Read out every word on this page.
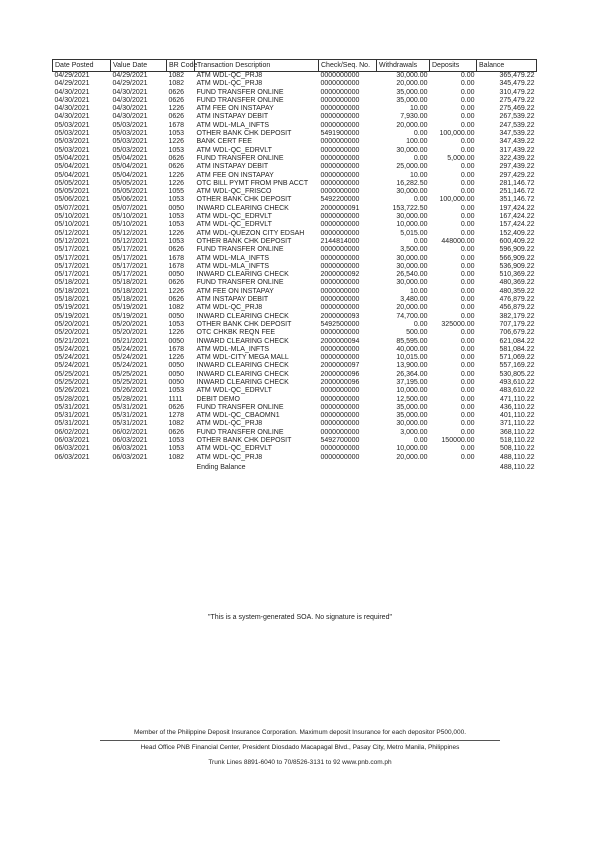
Date Posted	Value Date	BR Code	Transaction Description	Check/Seq. No.	Withdrawals	Deposits	Balance
04/29/2021	04/29/2021	1082	ATM WDL-QC_PRJ8	0000000000	30,000.00	0.00	365,479.22
04/29/2021	04/29/2021	1082	ATM WDL-QC_PRJ8	0000000000	20,000.00	0.00	345,479.22
04/30/2021	04/30/2021	0626	FUND TRANSFER ONLINE	0000000000	35,000.00	0.00	310,479.22
04/30/2021	04/30/2021	0626	FUND TRANSFER ONLINE	0000000000	35,000.00	0.00	275,479.22
04/30/2021	04/30/2021	1226	ATM FEE ON INSTAPAY	0000000000	10.00	0.00	275,469.22
04/30/2021	04/30/2021	0626	ATM INSTAPAY DEBIT	0000000000	7,930.00	0.00	267,539.22
05/03/2021	05/03/2021	1678	ATM WDL-MLA_INFTS	0000000000	20,000.00	0.00	247,539.22
05/03/2021	05/03/2021	1053	OTHER BANK CHK DEPOSIT	5491900000	0.00	100,000.00	347,539.22
05/03/2021	05/03/2021	1226	BANK CERT FEE	0000000000	100.00	0.00	347,439.22
05/03/2021	05/03/2021	1053	ATM WDL-QC_EDRVLT	0000000000	30,000.00	0.00	317,439.22
05/04/2021	05/04/2021	0626	FUND TRANSFER ONLINE	0000000000	0.00	5,000.00	322,439.22
05/04/2021	05/04/2021	0626	ATM INSTAPAY DEBIT	0000000000	25,000.00	0.00	297,439.22
05/04/2021	05/04/2021	1226	ATM FEE ON INSTAPAY	0000000000	10.00	0.00	297,429.22
05/05/2021	05/05/2021	1226	OTC BILL PYMT FROM PNB ACCT	0000000000	16,282.50	0.00	281,146.72
05/05/2021	05/05/2021	1055	ATM WDL-QC_FRISCO	0000000000	30,000.00	0.00	251,146.72
05/06/2021	05/06/2021	1053	OTHER BANK CHK DEPOSIT	5492200000	0.00	100,000.00	351,146.72
05/07/2021	05/07/2021	0050	INWARD CLEARING CHECK	2000000091	153,722.50	0.00	197,424.22
05/10/2021	05/10/2021	1053	ATM WDL-QC_EDRVLT	0000000000	30,000.00	0.00	167,424.22
05/10/2021	05/10/2021	1053	ATM WDL-QC_EDRVLT	0000000000	10,000.00	0.00	157,424.22
05/12/2021	05/12/2021	1226	ATM WDL-QUEZON CITY EDSAH	0000000000	5,015.00	0.00	152,409.22
05/12/2021	05/12/2021	1053	OTHER BANK CHK DEPOSIT	2144814000	0.00	448000.00	600,409.22
05/17/2021	05/17/2021	0626	FUND TRANSFER ONLINE	0000000000	3,500.00	0.00	596,909.22
05/17/2021	05/17/2021	1678	ATM WDL-MLA_INFTS	0000000000	30,000.00	0.00	566,909.22
05/17/2021	05/17/2021	1678	ATM WDL-MLA_INFTS	0000000000	30,000.00	0.00	536,909.22
05/17/2021	05/17/2021	0050	INWARD CLEARING CHECK	2000000092	26,540.00	0.00	510,369.22
05/18/2021	05/18/2021	0626	FUND TRANSFER ONLINE	0000000000	30,000.00	0.00	480,369.22
05/18/2021	05/18/2021	1226	ATM FEE ON INSTAPAY	0000000000	10.00	0.00	480,359.22
05/18/2021	05/18/2021	0626	ATM INSTAPAY DEBIT	0000000000	3,480.00	0.00	476,879.22
05/19/2021	05/19/2021	1082	ATM WDL-QC_PRJ8	0000000000	20,000.00	0.00	456,879.22
05/19/2021	05/19/2021	0050	INWARD CLEARING CHECK	2000000093	74,700.00	0.00	382,179.22
05/20/2021	05/20/2021	1053	OTHER BANK CHK DEPOSIT	5492500000	0.00	325000.00	707,179.22
05/20/2021	05/20/2021	1226	OTC CHKBK REQN FEE	0000000000	500.00	0.00	706,679.22
05/21/2021	05/21/2021	0050	INWARD CLEARING CHECK	2000000094	85,595.00	0.00	621,084.22
05/24/2021	05/24/2021	1678	ATM WDL-MLA_INFTS	0000000000	40,000.00	0.00	581,084.22
05/24/2021	05/24/2021	1226	ATM WDL-CITY MEGA MALL	0000000000	10,015.00	0.00	571,069.22
05/24/2021	05/24/2021	0050	INWARD CLEARING CHECK	2000000097	13,900.00	0.00	557,169.22
05/25/2021	05/25/2021	0050	INWARD CLEARING CHECK	2000000096	26,364.00	0.00	530,805.22
05/25/2021	05/25/2021	0050	INWARD CLEARING CHECK	2000000096	37,195.00	0.00	493,610.22
05/26/2021	05/26/2021	1053	ATM WDL-QC_EDRVLT	0000000000	10,000.00	0.00	483,610.22
05/28/2021	05/28/2021	1111	DEBIT DEMO	0000000000	12,500.00	0.00	471,110.22
05/31/2021	05/31/2021	0626	FUND TRANSFER ONLINE	0000000000	35,000.00	0.00	436,110.22
05/31/2021	05/31/2021	1278	ATM WDL-QC_CBAOMN1	0000000000	35,000.00	0.00	401,110.22
05/31/2021	05/31/2021	1082	ATM WDL-QC_PRJ8	0000000000	30,000.00	0.00	371,110.22
06/02/2021	06/02/2021	0626	FUND TRANSFER ONLINE	0000000000	3,000.00	0.00	368,110.22
06/03/2021	06/03/2021	1053	OTHER BANK CHK DEPOSIT	5492700000	0.00	150000.00	518,110.22
06/03/2021	06/03/2021	1053	ATM WDL-QC_EDRVLT	0000000000	10,000.00	0.00	508,110.22
06/03/2021	06/03/2021	1082	ATM WDL-QC_PRJ8	0000000000	20,000.00	0.00	488,110.22
			Ending Balance				488,110.22
"This is a system-generated SOA. No signature is required"
Member of the Philippine Deposit Insurance Corporation. Maximum deposit Insurance for each depositor P500,000.
Head Office PNB Financial Center, President Diosdado Macapagal Blvd., Pasay City, Metro Manila, Philippines
Trunk Lines 8891-6040 to 70/8526-3131 to 92 www.pnb.com.ph
